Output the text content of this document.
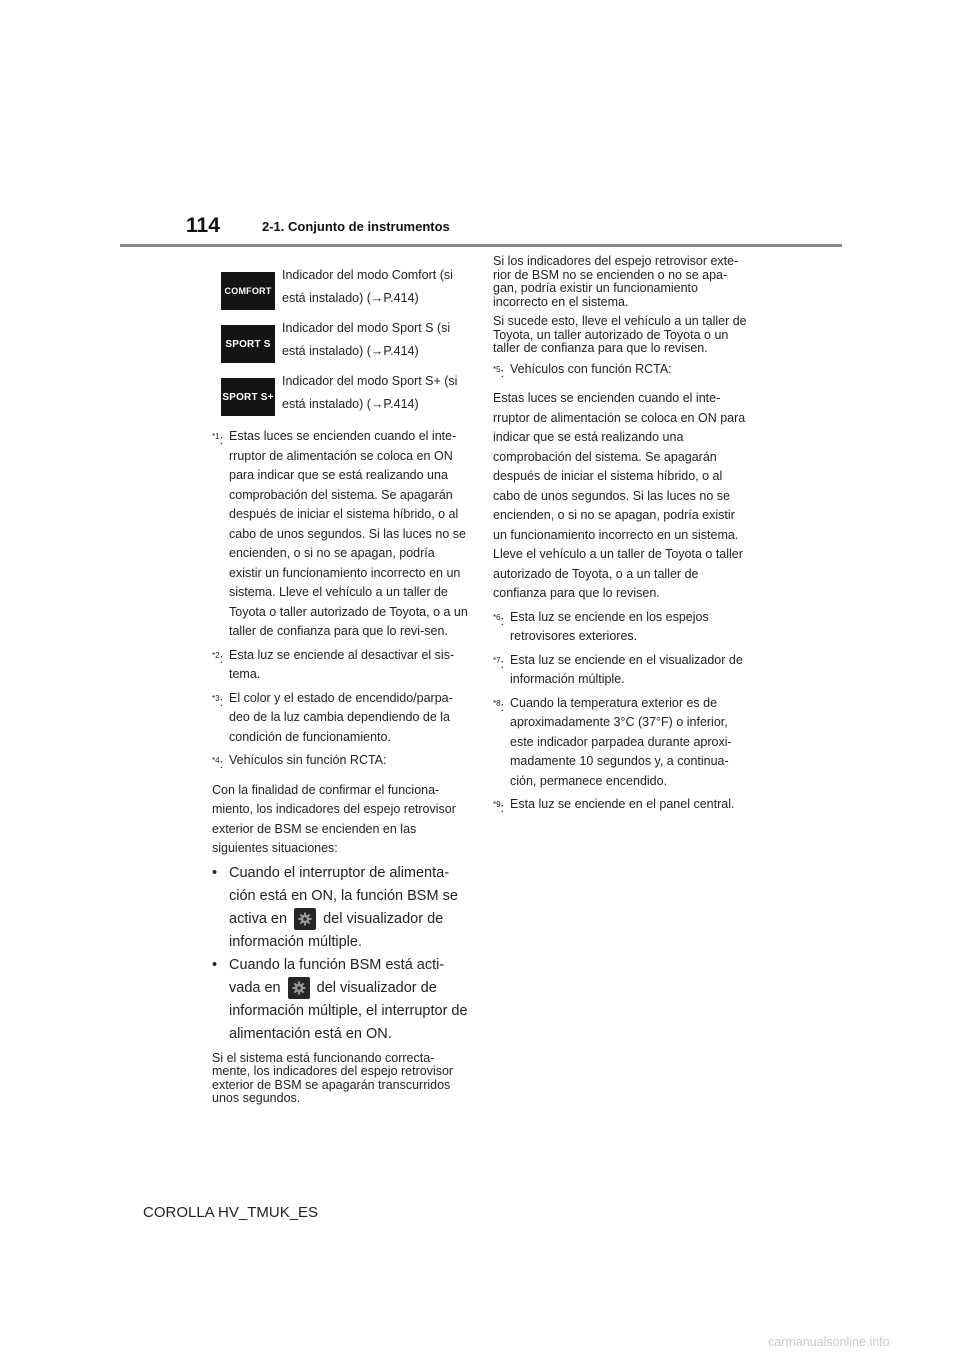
114	2-1. Conjunto de instrumentos
COMFORT
Indicador del modo Comfort (si está instalado) (→P.414)
SPORT S
Indicador del modo Sport S (si está instalado) (→P.414)
SPORT S+
Indicador del modo Sport S+ (si está instalado) (→P.414)
$^{*1}$: Estas luces se encienden cuando el inte-rruptor de alimentación se coloca en ON para indicar que se está realizando una comprobación del sistema. Se apagarán después de iniciar el sistema híbrido, o al cabo de unos segundos. Si las luces no se encienden, o si no se apagan, podría existir un funcionamiento incorrecto en un sistema. Lleve el vehículo a un taller de Toyota o taller autorizado de Toyota, o a un taller de confianza para que lo revi-sen.
$^{*2}$: Esta luz se enciende al desactivar el sis-tema.
$^{*3}$: El color y el estado de encendido/parpa-deo de la luz cambia dependiendo de la condición de funcionamiento.
$^{*4}$: Vehículos sin función RCTA:

Con la finalidad de confirmar el funciona-miento, los indicadores del espejo retrovisor exterior de BSM se encienden en las siguientes situaciones:

• Cuando el interruptor de alimenta-ción está en ON, la función BSM se activa en del visualizador de información múltiple.
• Cuando la función BSM está acti-vada en del visualizador de información múltiple, el interruptor de alimentación está en ON.

Si el sistema está funcionando correcta-mente, los indicadores del espejo retrovisor exterior de BSM se apagarán transcurridos unos segundos.

Si los indicadores del espejo retrovisor exte-rior de BSM no se encienden o no se apa-gan, podría existir un funcionamiento incorrecto en el sistema.

Si sucede esto, lleve el vehículo a un taller de Toyota, un taller autorizado de Toyota o un taller de confianza para que lo revisen.

$^{*5}$: Vehículos con función RCTA:

Estas luces se encienden cuando el inte-rruptor de alimentación se coloca en ON para indicar que se está realizando una comprobación del sistema. Se apagarán después de iniciar el sistema híbrido, o al cabo de unos segundos. Si las luces no se encienden, o si no se apagan, podría existir un funcionamiento incorrecto en un sistema. Lleve el vehículo a un taller de Toyota o taller autorizado de Toyota, o a un taller de confianza para que lo revisen.

$^{*6}$: Esta luz se enciende en los espejos retrovisores exteriores.
$^{*7}$: Esta luz se enciende en el visualizador de información múltiple.
$^{*8}$: Cuando la temperatura exterior es de aproximadamente 3°C (37°F) o inferior, este indicador parpadea durante aproxi-madamente 10 segundos y, a continua-ción, permanece encendido.
$^{*9}$: Esta luz se enciende en el panel central.
COROLLA HV_TMUK_ES
carmanualsonline.info
